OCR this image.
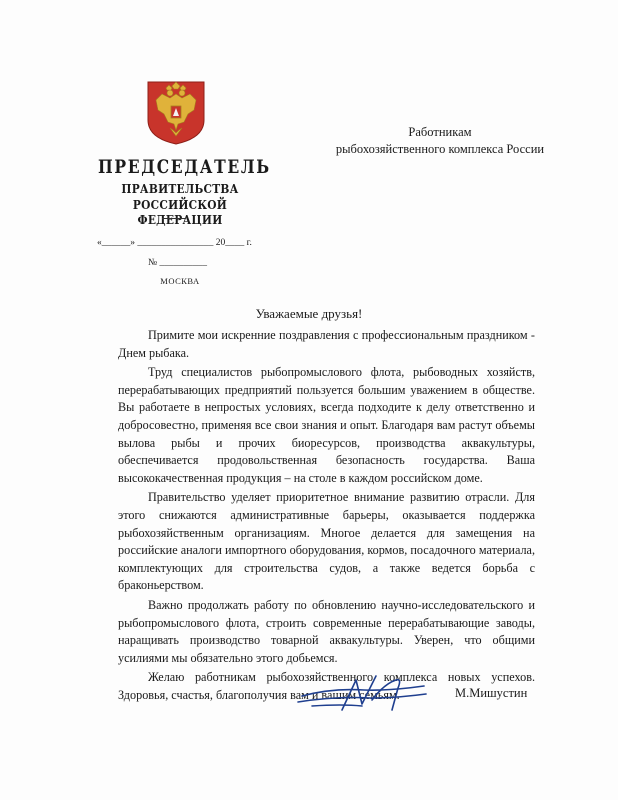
ПРЕДСЕДАТЕЛЬ
ПРАВИТЕЛЬСТВА
РОССИЙСКОЙ ФЕДЕРАЦИИ
«______» ________________ 20____ г.
№ __________
МОСКВА
Работникам
рыбохозяйственного комплекса России
Уважаемые друзья!

Примите мои искренние поздравления с профессиональным праздником - Днем рыбака.

Труд специалистов рыбопромыслового флота, рыбоводных хозяйств, перерабатывающих предприятий пользуется большим уважением в обществе. Вы работаете в непростых условиях, всегда подходите к делу ответственно и добросовестно, применяя все свои знания и опыт. Благодаря вам растут объемы вылова рыбы и прочих биоресурсов, производства аквакультуры, обеспечивается продовольственная безопасность государства. Ваша высококачественная продукция – на столе в каждом российском доме.

Правительство уделяет приоритетное внимание развитию отрасли. Для этого снижаются административные барьеры, оказывается поддержка рыбохозяйственным организациям. Многое делается для замещения на российские аналоги импортного оборудования, кормов, посадочного материала, комплектующих для строительства судов, а также ведется борьба с браконьерством.

Важно продолжать работу по обновлению научно-исследовательского и рыбопромыслового флота, строить современные перерабатывающие заводы, наращивать производство товарной аквакультуры. Уверен, что общими усилиями мы обязательно этого добьемся.

Желаю работникам рыбохозяйственного комплекса новых успехов. Здоровья, счастья, благополучия вам и вашим семьям.	М.Мишустин
